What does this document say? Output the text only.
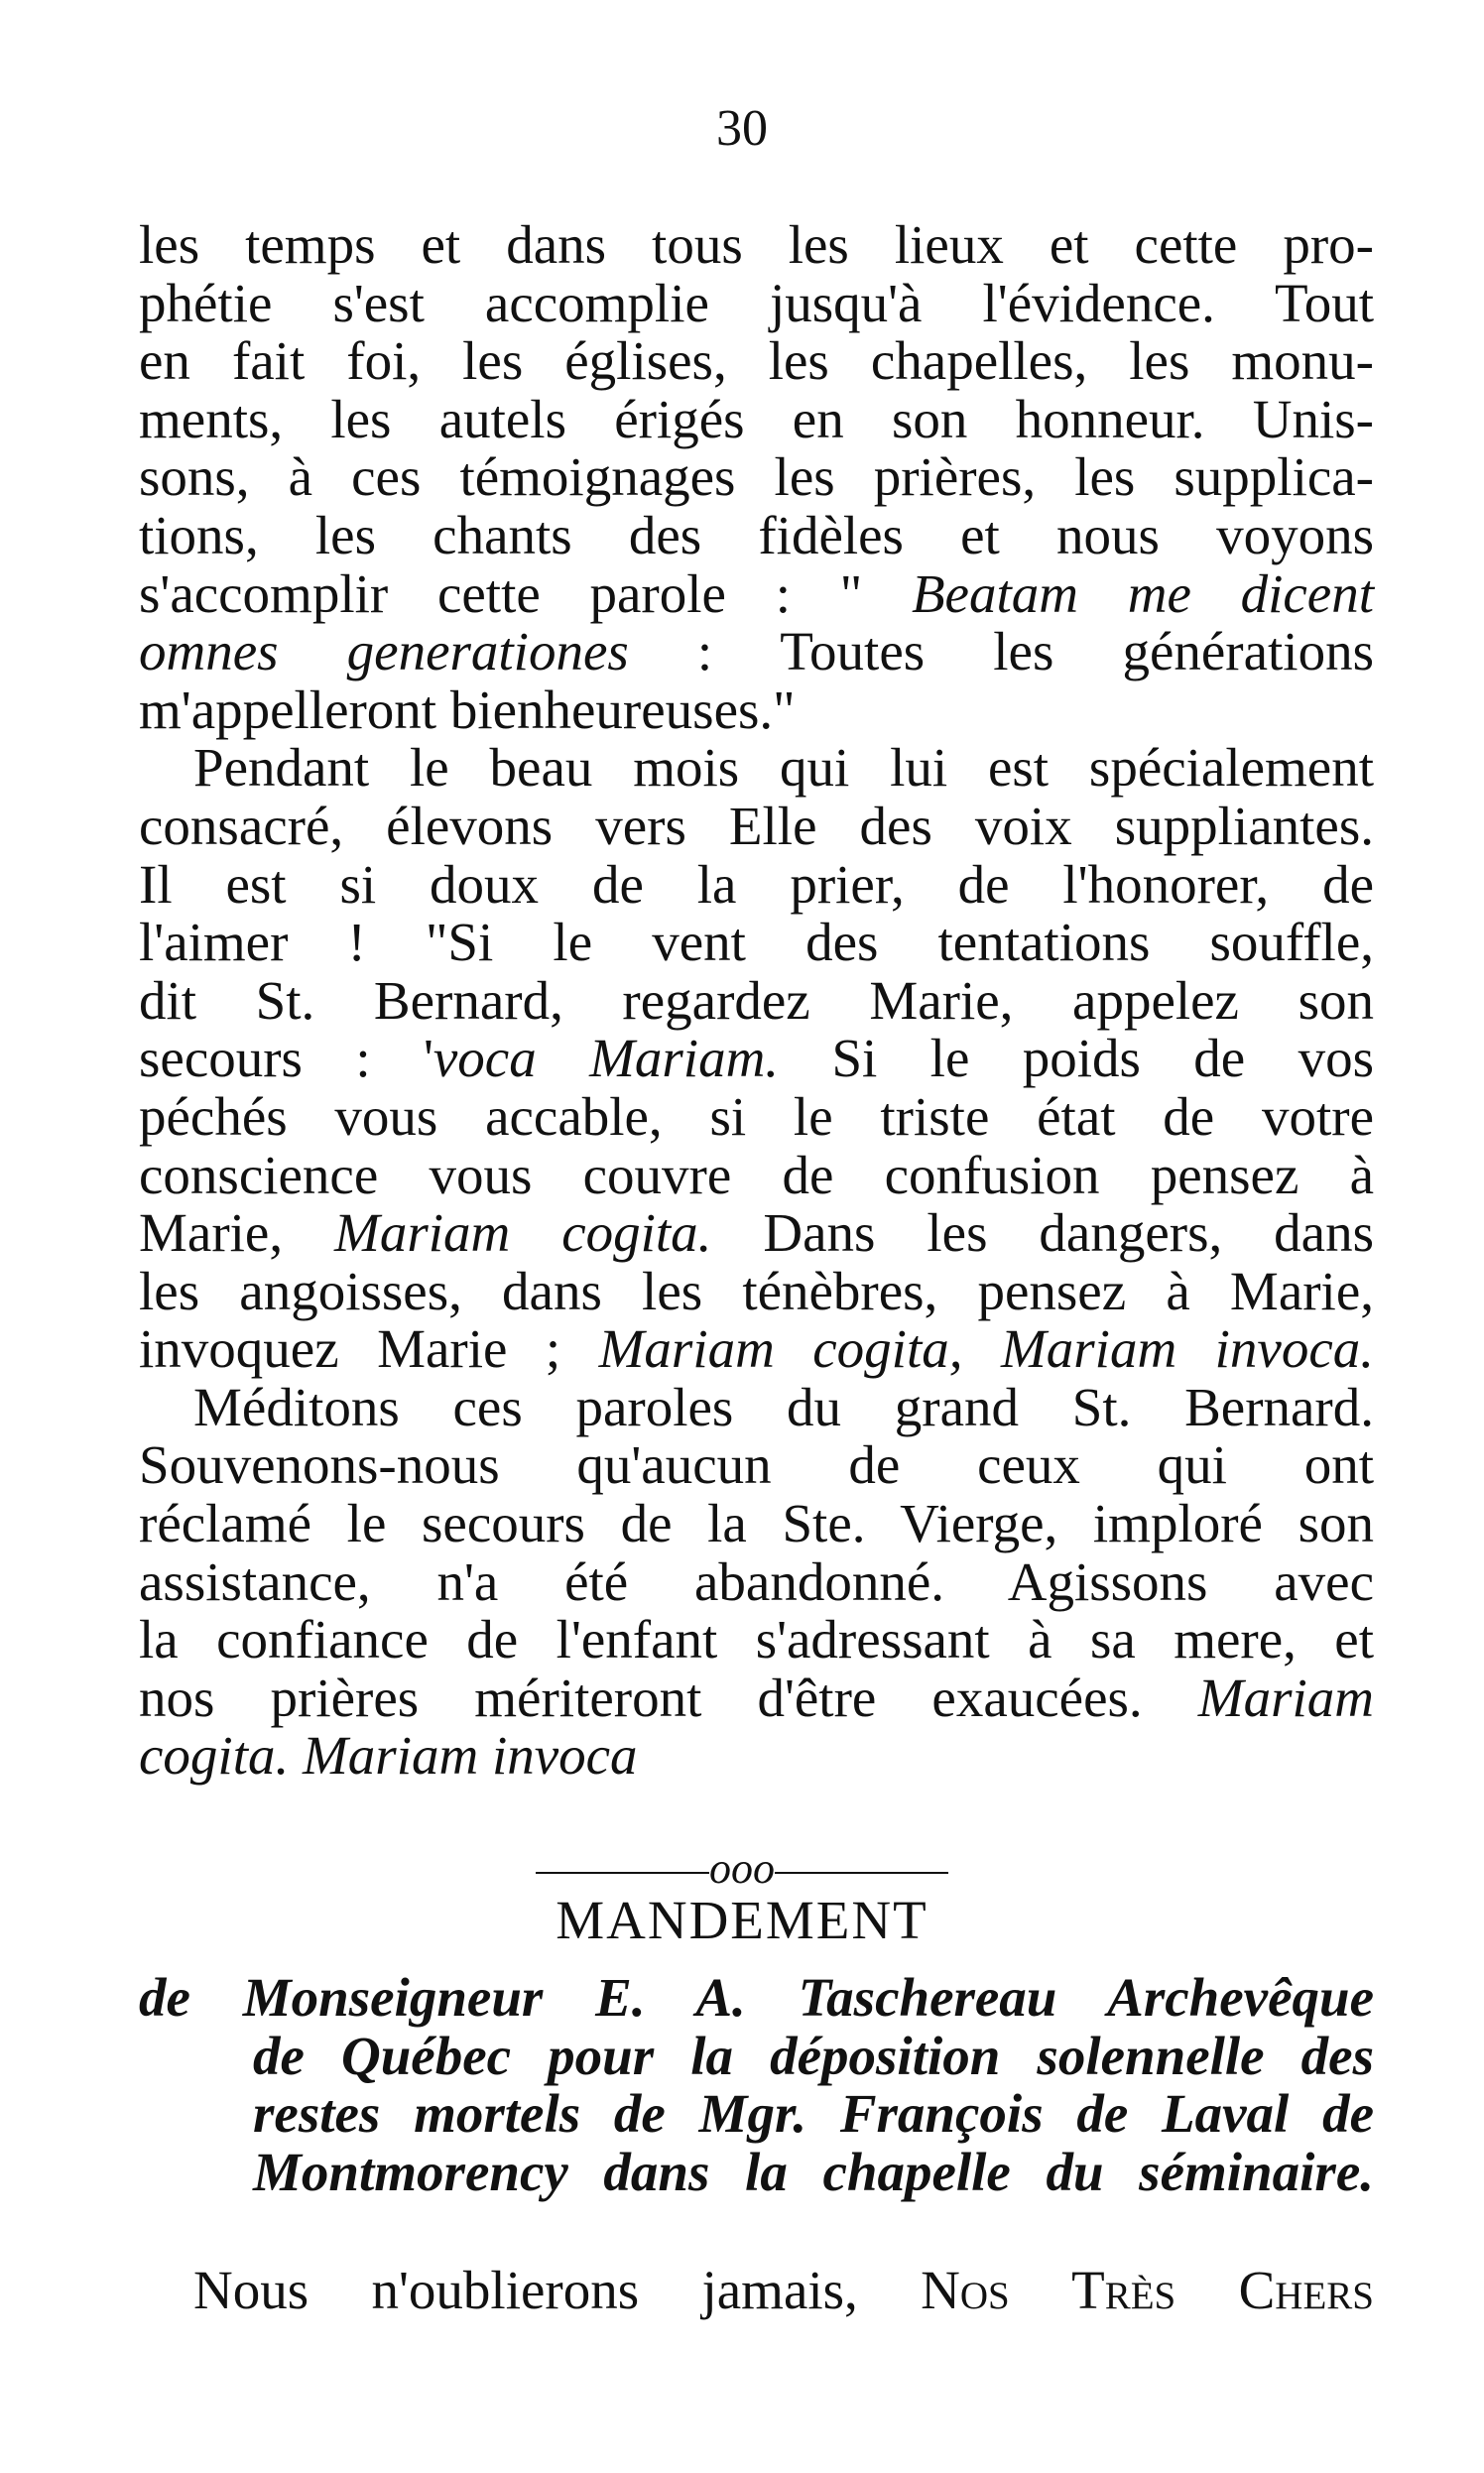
30
les temps et dans tous les lieux et cette pro-
phétie s'est accomplie jusqu'à l'évidence. Tout
en fait foi, les églises, les chapelles, les monu-
ments, les autels érigés en son honneur. Unis-
sons, à ces témoignages les prières, les supplica-
tions, les chants des fidèles et nous voyons
s'accomplir cette parole : " Beatam me dicent
omnes generationes : Toutes les générations
m'appelleront bienheureuses."
Pendant le beau mois qui lui est spécialement
consacré, élevons vers Elle des voix suppliantes.
Il est si doux de la prier, de l'honorer, de
l'aimer ! "Si le vent des tentations souffle,
dit St. Bernard, regardez Marie, appelez son
secours : 'voca Mariam. Si le poids de vos
péchés vous accable, si le triste état de votre
conscience vous couvre de confusion pensez à
Marie, Mariam cogita. Dans les dangers, dans
les angoisses, dans les ténèbres, pensez à Marie,
invoquez Marie ; Mariam cogita, Mariam invoca.
Méditons ces paroles du grand St. Bernard.
Souvenons-nous qu'aucun de ceux qui ont
réclamé le secours de la Ste. Vierge, imploré son
assistance, n'a été abandonné. Agissons avec
la confiance de l'enfant s'adressant à sa mere, et
nos prières mériteront d'être exaucées. Mariam
cogita. Mariam invoca
ooo
MANDEMENT
de Monseigneur E. A. Taschereau Archevêque
de Québec pour la déposition solennelle des
restes mortels de Mgr. François de Laval de
Montmorency dans la chapelle du séminaire.
Nous n'oublierons jamais, Nos Très Chers
